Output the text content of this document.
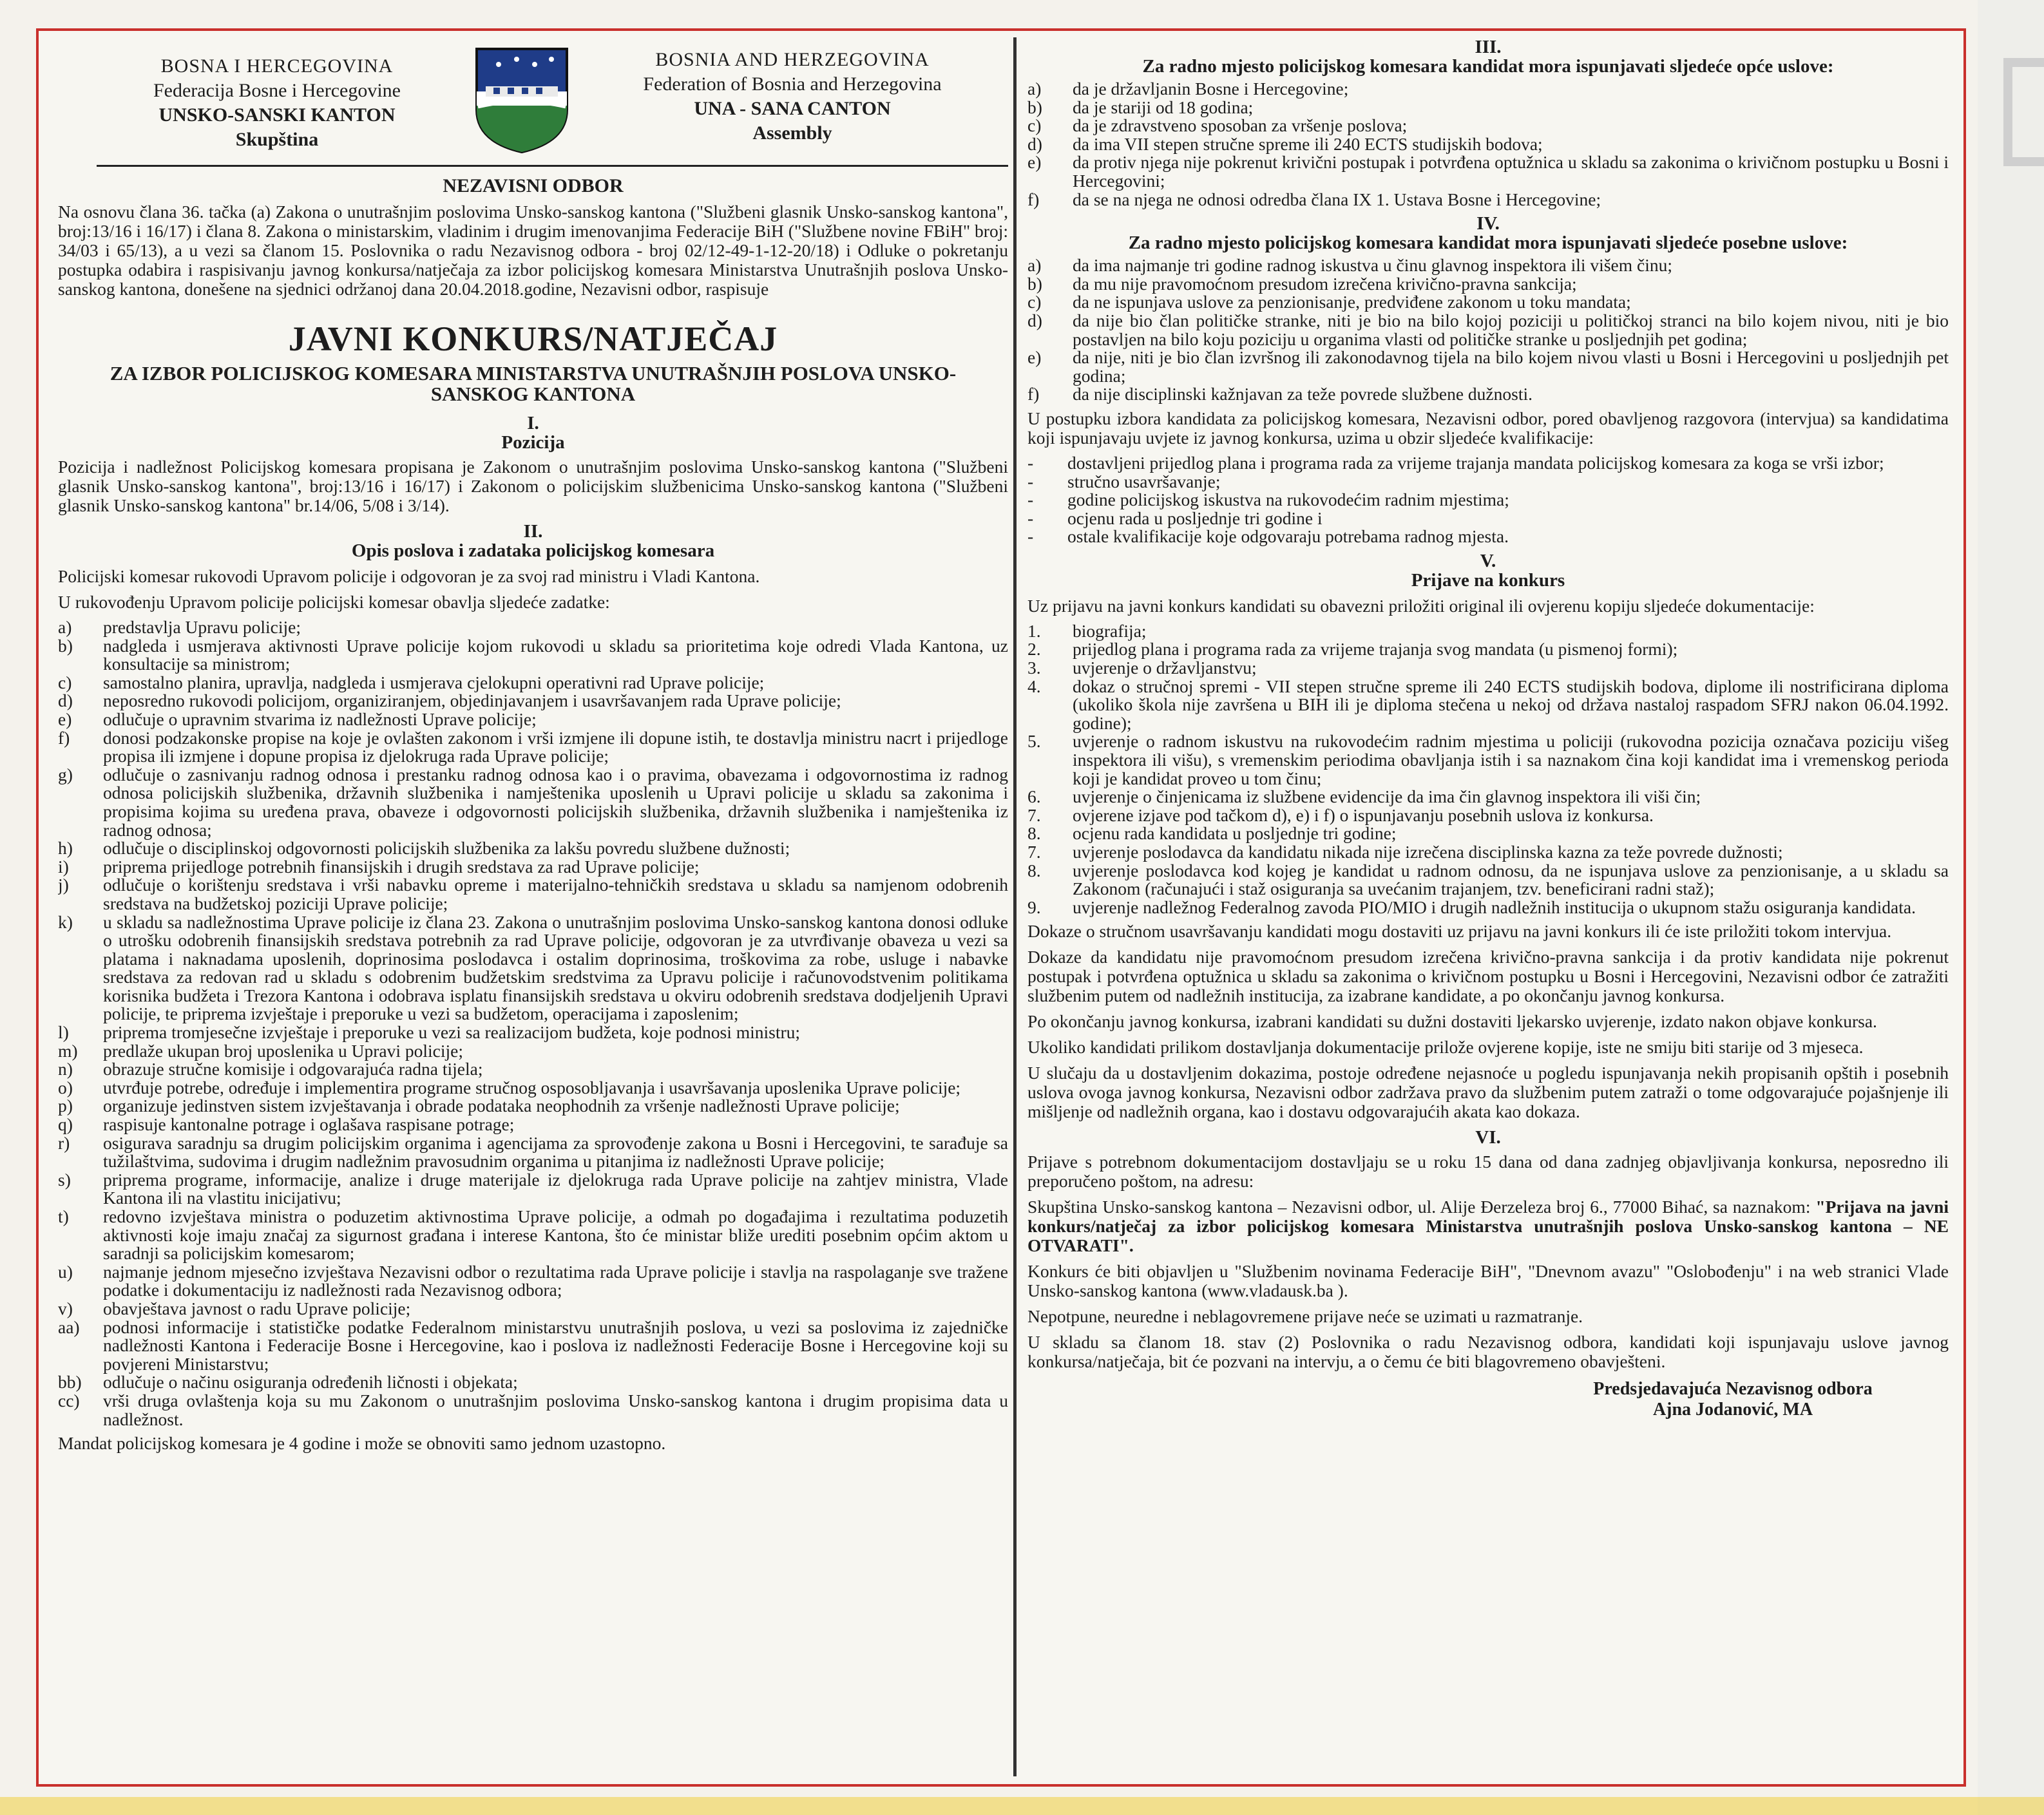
BOSNA I HERCEGOVINA
Federacija Bosne i Hercegovine
UNSKO-SANSKI KANTON
Skupština
BOSNIA AND HERZEGOVINA
Federation of Bosnia and Herzegovina
UNA - SANA CANTON
Assembly
NEZAVISNI ODBOR

Na osnovu člana 36. tačka (a) Zakona o unutrašnjim poslovima Unsko-sanskog kantona ("Službeni glasnik Unsko-sanskog kantona", broj:13/16 i 16/17) i člana 8. Zakona o ministarskim, vladinim i drugim imenovanjima Federacije BiH ("Službene novine FBiH" broj: 34/03 i 65/13), a u vezi sa članom 15. Poslovnika o radu Nezavisnog odbora - broj 02/12-49-1-12-20/18) i Odluke o pokretanju postupka odabira i raspisivanju javnog konkursa/natječaja za izbor policijskog komesara Ministarstva Unutrašnjih poslova Unsko-sanskog kantona, donešene na sjednici održanoj dana 20.04.2018.godine, Nezavisni odbor, raspisuje

JAVNI KONKURS/NATJEČAJ
ZA IZBOR POLICIJSKOG KOMESARA MINISTARSTVA UNUTRAŠNJIH POSLOVA UNSKO-SANSKOG KANTONA
I.
Pozicija

Pozicija i nadležnost Policijskog komesara propisana je Zakonom o unutrašnjim poslovima Unsko-sanskog kantona ("Službeni glasnik Unsko-sanskog kantona", broj:13/16 i 16/17) i Zakonom o policijskim službenicima Unsko-sanskog kantona ("Službeni glasnik Unsko-sanskog kantona" br.14/06, 5/08 i 3/14).

II.
Opis poslova i zadataka policijskog komesara

Policijski komesar rukovodi Upravom policije i odgovoran je za svoj rad ministru i Vladi Kantona.

U rukovođenju Upravom policije policijski komesar obavlja sljedeće zadatke:

a)	predstavlja Upravu policije;
b)	nadgleda i usmjerava aktivnosti Uprave policije kojom rukovodi u skladu sa prioritetima koje odredi Vlada Kantona, uz konsultacije sa ministrom;
c)	samostalno planira, upravlja, nadgleda i usmjerava cjelokupni operativni rad Uprave policije;
d)	neposredno rukovodi policijom, organiziranjem, objedinjavanjem i usavršavanjem rada Uprave policije;
e)	odlučuje o upravnim stvarima iz nadležnosti Uprave policije;
f)	donosi podzakonske propise na koje je ovlašten zakonom i vrši izmjene ili dopune istih, te dostavlja ministru nacrt i prijedloge propisa ili izmjene i dopune propisa iz djelokruga rada Uprave policije;
g)	odlučuje o zasnivanju radnog odnosa i prestanku radnog odnosa kao i o pravima, obavezama i odgovornostima iz radnog odnosa policijskih službenika, državnih službenika i namještenika uposlenih u Upravi policije u skladu sa zakonima i propisima kojima su uređena prava, obaveze i odgovornosti policijskih službenika, državnih službenika i namještenika iz radnog odnosa;
h)	odlučuje o disciplinskoj odgovornosti policijskih službenika za lakšu povredu službene dužnosti;
i)	priprema prijedloge potrebnih finansijskih i drugih sredstava za rad Uprave policije;
j)	odlučuje o korištenju sredstava i vrši nabavku opreme i materijalno-tehničkih sredstava u skladu sa namjenom odobrenih sredstava na budžetskoj poziciji Uprave policije;
k)	u skladu sa nadležnostima Uprave policije iz člana 23. Zakona o unutrašnjim poslovima Unsko-sanskog kantona donosi odluke o utrošku odobrenih finansijskih sredstava potrebnih za rad Uprave policije, odgovoran je za utvrđivanje obaveza u vezi sa platama i naknadama uposlenih, doprinosima poslodavca i ostalim doprinosima, troškovima za robe, usluge i nabavke sredstava za redovan rad u skladu s odobrenim budžetskim sredstvima za Upravu policije i računovodstvenim politikama korisnika budžeta i Trezora Kantona i odobrava isplatu finansijskih sredstava u okviru odobrenih sredstava dodjeljenih Upravi policije, te priprema izvještaje i preporuke u vezi sa budžetom, operacijama i zaposlenim;
l)	priprema tromjesečne izvještaje i preporuke u vezi sa realizacijom budžeta, koje podnosi ministru;
m)	predlaže ukupan broj uposlenika u Upravi policije;
n)	obrazuje stručne komisije i odgovarajuća radna tijela;
o)	utvrđuje potrebe, određuje i implementira programe stručnog osposobljavanja i usavršavanja uposlenika Uprave policije;
p)	organizuje jedinstven sistem izvještavanja i obrade podataka neophodnih za vršenje nadležnosti Uprave policije;
q)	raspisuje kantonalne potrage i oglašava raspisane potrage;
r)	osigurava saradnju sa drugim policijskim organima i agencijama za sprovođenje zakona u Bosni i Hercegovini, te sarađuje sa tužilaštvima, sudovima i drugim nadležnim pravosudnim organima u pitanjima iz nadležnosti Uprave policije;
s)	priprema programe, informacije, analize i druge materijale iz djelokruga rada Uprave policije na zahtjev ministra, Vlade Kantona ili na vlastitu inicijativu;
t)	redovno izvještava ministra o poduzetim aktivnostima Uprave policije, a odmah po događajima i rezultatima poduzetih aktivnosti koje imaju značaj za sigurnost građana i interese Kantona, što će ministar bliže urediti posebnim općim aktom u saradnji sa policijskim komesarom;
u)	najmanje jednom mjesečno izvještava Nezavisni odbor o rezultatima rada Uprave policije i stavlja na raspolaganje sve tražene podatke i dokumentaciju iz nadležnosti rada Nezavisnog odbora;
v)	obavještava javnost o radu Uprave policije;
aa)	podnosi informacije i statističke podatke Federalnom ministarstvu unutrašnjih poslova, u vezi sa poslovima iz zajedničke nadležnosti Kantona i Federacije Bosne i Hercegovine, kao i poslova iz nadležnosti Federacije Bosne i Hercegovine koji su povjereni Ministarstvu;
bb)	odlučuje o načinu osiguranja određenih ličnosti i objekata;
cc)	vrši druga ovlaštenja koja su mu Zakonom o unutrašnjim poslovima Unsko-sanskog kantona i drugim propisima data u nadležnost.

Mandat policijskog komesara je 4 godine i može se obnoviti samo jednom uzastopno.

III.
Za radno mjesto policijskog komesara kandidat mora ispunjavati sljedeće opće uslove:
a)	da je državljanin Bosne i Hercegovine;
b)	da je stariji od 18 godina;
c)	da je zdravstveno sposoban za vršenje poslova;
d)	da ima VII stepen stručne spreme ili 240 ECTS studijskih bodova;
e)	da protiv njega nije pokrenut krivični postupak i potvrđena optužnica u skladu sa zakonima o krivičnom postupku u Bosni i Hercegovini;
f)	da se na njega ne odnosi odredba člana IX 1. Ustava Bosne i Hercegovine;
IV.
Za radno mjesto policijskog komesara kandidat mora ispunjavati sljedeće posebne uslove:
a)	da ima najmanje tri godine radnog iskustva u činu glavnog inspektora ili višem činu;
b)	da mu nije pravomoćnom presudom izrečena krivično-pravna sankcija;
c)	da ne ispunjava uslove za penzionisanje, predviđene zakonom u toku mandata;
d)	da nije bio član političke stranke, niti je bio na bilo kojoj poziciji u političkoj stranci na bilo kojem nivou, niti je bio postavljen na bilo koju poziciju u organima vlasti od političke stranke u posljednjih pet godina;
e)	da nije, niti je bio član izvršnog ili zakonodavnog tijela na bilo kojem nivou vlasti u Bosni i Hercegovini u posljednjih pet godina;
f)	da nije disciplinski kažnjavan za teže povrede službene dužnosti.

U postupku izbora kandidata za policijskog komesara, Nezavisni odbor, pored obavljenog razgovora (intervjua) sa kandidatima koji ispunjavaju uvjete iz javnog konkursa, uzima u obzir sljedeće kvalifikacije:

-	dostavljeni prijedlog plana i programa rada za vrijeme trajanja mandata policijskog komesara za koga se vrši izbor;
-	stručno usavršavanje;
-	godine policijskog iskustva na rukovodećim radnim mjestima;
-	ocjenu rada u posljednje tri godine i
-	ostale kvalifikacije koje odgovaraju potrebama radnog mjesta.
V.
Prijave na konkurs

Uz prijavu na javni konkurs kandidati su obavezni priložiti original ili ovjerenu kopiju sljedeće dokumentacije:

1.	biografija;
2.	prijedlog plana i programa rada za vrijeme trajanja svog mandata (u pismenoj formi);
3.	uvjerenje o državljanstvu;
4.	dokaz o stručnoj spremi - VII stepen stručne spreme ili 240 ECTS studijskih bodova, diplome ili nostrificirana diploma (ukoliko škola nije završena u BIH ili je diploma stečena u nekoj od država nastaloj raspadom SFRJ nakon 06.04.1992. godine);
5.	uvjerenje o radnom iskustvu na rukovodećim radnim mjestima u policiji (rukovodna pozicija označava poziciju višeg inspektora ili višu), s vremenskim periodima obavljanja istih i sa naznakom čina koji kandidat ima i vremenskog perioda koji je kandidat proveo u tom činu;
6.	uvjerenje o činjenicama iz službene evidencije da ima čin glavnog inspektora ili viši čin;
7.	ovjerene izjave pod tačkom d), e) i f) o ispunjavanju posebnih uslova iz konkursa.
8.	ocjenu rada kandidata u posljednje tri godine;
7.	uvjerenje poslodavca da kandidatu nikada nije izrečena disciplinska kazna za teže povrede dužnosti;
8.	uvjerenje poslodavca kod kojeg je kandidat u radnom odnosu, da ne ispunjava uslove za penzionisanje, a u skladu sa Zakonom (računajući i staž osiguranja sa uvećanim trajanjem, tzv. beneficirani radni staž);
9.	uvjerenje nadležnog Federalnog zavoda PIO/MIO i drugih nadležnih institucija o ukupnom stažu osiguranja kandidata.

Dokaze o stručnom usavršavanju kandidati mogu dostaviti uz prijavu na javni konkurs ili će iste priložiti tokom intervjua.

Dokaze da kandidatu nije pravomoćnom presudom izrečena krivično-pravna sankcija i da protiv kandidata nije pokrenut postupak i potvrđena optužnica u skladu sa zakonima o krivičnom postupku u Bosni i Hercegovini, Nezavisni odbor će zatražiti službenim putem od nadležnih institucija, za izabrane kandidate, a po okončanju javnog konkursa.

Po okončanju javnog konkursa, izabrani kandidati su dužni dostaviti ljekarsko uvjerenje, izdato nakon objave konkursa.

Ukoliko kandidati prilikom dostavljanja dokumentacije prilože ovjerene kopije, iste ne smiju biti starije od 3 mjeseca.

U slučaju da u dostavljenim dokazima, postoje određene nejasnoće u pogledu ispunjavanja nekih propisanih opštih i posebnih uslova ovoga javnog konkursa, Nezavisni odbor zadržava pravo da službenim putem zatraži o tome odgovarajuće pojašnjenje ili mišljenje od nadležnih organa, kao i dostavu odgovarajućih akata kao dokaza.

VI.

Prijave s potrebnom dokumentacijom dostavljaju se u roku 15 dana od dana zadnjeg objavljivanja konkursa, neposredno ili preporučeno poštom, na adresu:

Skupština Unsko-sanskog kantona – Nezavisni odbor, ul. Alije Đerzeleza broj 6., 77000 Bihać, sa naznakom: "Prijava na javni konkurs/natječaj za izbor policijskog komesara Ministarstva unutrašnjih poslova Unsko-sanskog kantona – NE OTVARATI".

Konkurs će biti objavljen u "Službenim novinama Federacije BiH", "Dnevnom avazu" "Oslobođenju" i na web stranici Vlade Unsko-sanskog kantona (www.vladausk.ba ).

Nepotpune, neuredne i neblagovremene prijave neće se uzimati u razmatranje.

U skladu sa članom 18. stav (2) Poslovnika o radu Nezavisnog odbora, kandidati koji ispunjavaju uslove javnog konkursa/natječaja, bit će pozvani na intervju, a o čemu će biti blagovremeno obavješteni.

Predsjedavajuća Nezavisnog odbora
Ajna Jodanović, MA
